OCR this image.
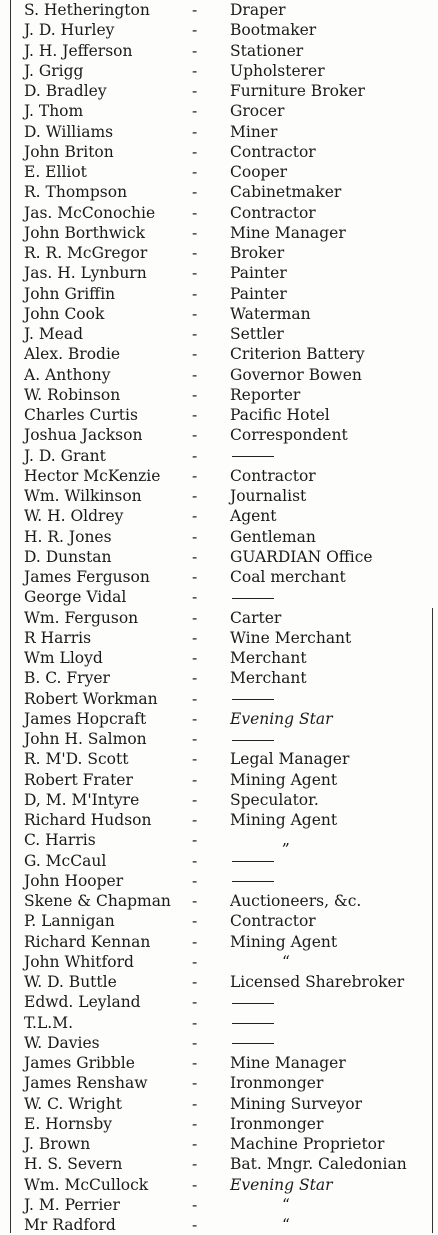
S. Hetherington	- Draper
J. D. Hurley	- Bootmaker
J. H. Jefferson	- Stationer
J. Grigg	- Upholsterer
D. Bradley	- Furniture Broker
J. Thom	- Grocer
D. Williams	- Miner
John Briton	- Contractor
E. Elliot	- Cooper
R. Thompson	- Cabinetmaker
Jas. McConochie - Contractor
John Borthwick	- Mine Manager
R. R. McGregor	- Broker
Jas. H. Lynburn	- Painter
John Griffin	- Painter
John Cook	- Waterman
J. Mead	- Settler
Alex. Brodie	- Criterion Battery
A. Anthony	- Governor Bowen
W. Robinson	- Reporter
Charles Curtis	- Pacific Hotel
Joshua Jackson	- Correspondent
J. D. Grant	-
Hector McKenzie - Contractor
Wm. Wilkinson	- Journalist
W. H. Oldrey	- Agent
H. R. Jones	- Gentleman
D. Dunstan	- GUARDIAN Office
James Ferguson	- Coal merchant
George Vidal	-
Wm. Ferguson	- Carter
R Harris	- Wine Merchant
Wm Lloyd	- Merchant
B. C. Fryer	- Merchant
Robert Workman -
James Hopcraft	- Evening Star
John H. Salmon	-
R. M'D. Scott	- Legal Manager
Robert Frater	- Mining Agent
D, M. M'Intyre	- Speculator.
Richard Hudson	- Mining Agent
C. Harris	-	„
G. McCaul	-
John Hooper	-
Skene & Chapman - Auctioneers, &c.
P. Lannigan	- Contractor
Richard Kennan	- Mining Agent
John Whitford	-	“
W. D. Buttle	- Licensed Sharebroker
Edwd. Leyland	-
T.L.M.	-
W. Davies	-
James Gribble	- Mine Manager
James Renshaw	- Ironmonger
W. C. Wright	- Mining Surveyor
E. Hornsby	- Ironmonger
J. Brown	- Machine Proprietor
H. S. Severn	- Bat. Mngr. Caledonian
Wm. McCullock	- Evening Star
J. M. Perrier	-	“
Mr Radford	-	“
